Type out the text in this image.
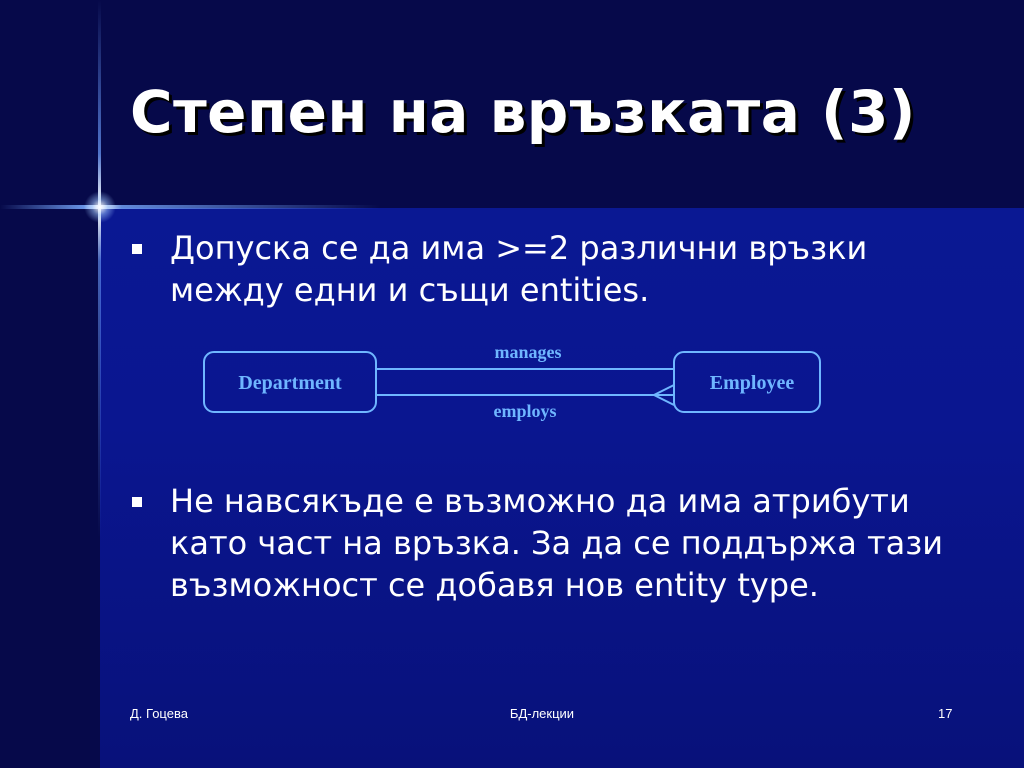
Степен на връзката (3)

Допуска се да има >=2 различни връзки между едни и същи entities.

Department	Employee
manages
employs

Не навсякъде е възможно да има атрибути като част на връзка. За да се поддържа тази възможност се добавя нов entity type.

Д. Гоцева	БД-лекции	17
